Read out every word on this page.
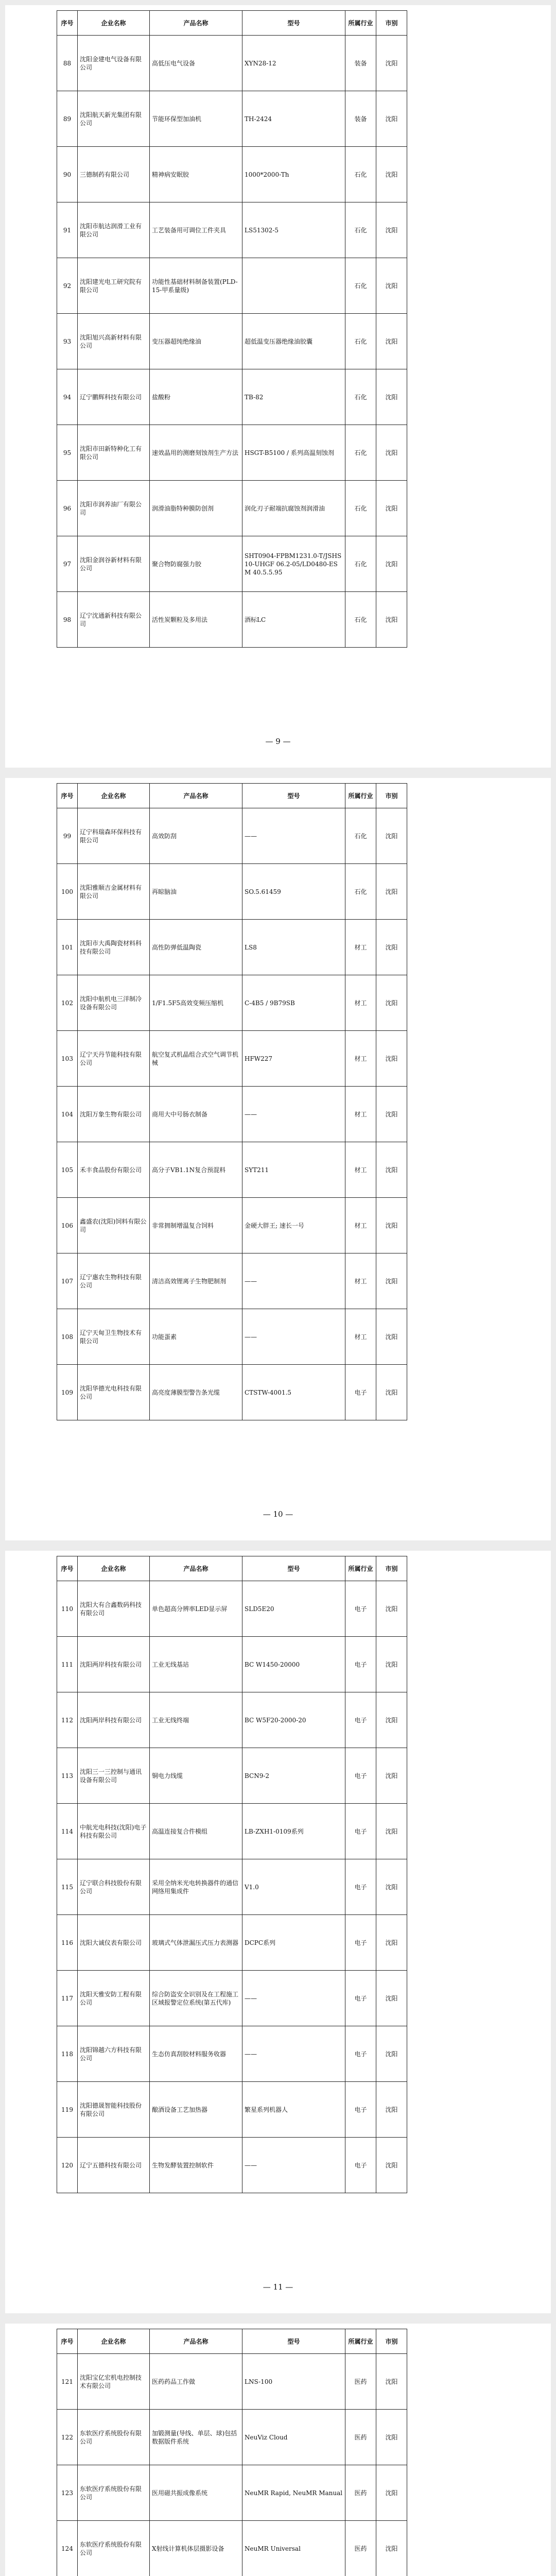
序号	企业名称	产品名称	型号	所属行业	市别
88	沈阳金建电气设备有限公司	高低压电气设备	XYN28-12	装备	沈阳
89	沈阳航天新光集团有限公司	节能环保型加油机	TH-2424	装备	沈阳
90	三德制药有限公司	精神病安眠胶	1000*2000-Th	石化	沈阳
91	沈阳市航达润滑工业有限公司	工艺装备用可调位工件夹具	LS51302-5	石化	沈阳
92	沈阳建光电工研究院有限公司	功能性基础材料制备装置(PLD-15-甲系量级)		石化	沈阳
93	沈阳旭兴高新材料有限公司	变压器超纯绝缘油	超低温变压器绝缘油胶囊	石化	沈阳
94	辽宁鹏辉科技有限公司	盐酸粉	TB-82	石化	沈阳
95	沈阳市田新特种化工有限公司	速效晶用的测磨刻蚀剂生产方法	HSGT-B5100 / 系列高温刻蚀剂	石化	沈阳
96	沈阳市润养油厂有限公司	润滑油脂特种膜防创剂	润化刃子耐端抗腐蚀剂润滑油	石化	沈阳
97	沈阳金润谷新材料有限公司	聚合物防腐强力胶	SHT0904-FPBM1231.0-T/JSHS10-UHGF 06.2-05/LD0480-ESM 40.5.5.95	石化	沈阳
98	辽宁沈通新科技有限公司	活性炭颗粒及多用法	酒标LC	石化	沈阳
— 9 —
序号	企业名称	产品名称	型号	所属行业	市别
99	辽宁科瑞森环保科技有限公司	高效防刮	——	石化	沈阳
100	沈阳雅顺吉金属材料有限公司	再晾脑油	SO.5.61459	石化	沈阳
101	沈阳市大禹陶瓷材料科技有限公司	高性防弹低温陶瓷	LS8	材工	沈阳
102	沈阳中航机电三洋制冷设备有限公司	1/F1.5F5高效变频压缩机	C-4B5 / 9B79SB	材工	沈阳
103	辽宁天丹节能科技有限公司	航空复式机晶组合式空气调节机械	HFW227	材工	沈阳
104	沈阳万象生物有限公司	商用大中号肠衣制备	——	材工	沈阳
105	禾丰食品股份有限公司	高分子VB1.1N复合预混料	SYT211	材工	沈阳
106	鑫盛农(沈阳)饲料有限公司	非常拥制增温复合饲料	金硬大胖王; 速长一号	材工	沈阳
107	辽宁惠农生物科技有限公司	清洁高效锂离子生物肥制剂	——	材工	沈阳
108	辽宁天甸卫生物技术有限公司	功能蛋素	——	材工	沈阳
109	沈阳华德光电科技有限公司	高亮度薄膜型警告条光缆	CTSTW-4001.5	电子	沈阳
— 10 —
序号	企业名称	产品名称	型号	所属行业	市别
110	沈阳大有合鑫数码科技有限公司	单色超高分辨率LED显示屏	SLD5E20	电子	沈阳
111	沈阳两岸科技有限公司	工业无线基站	BC W1450-20000	电子	沈阳
112	沈阳两岸科技有限公司	工业无线终端	BC W5F20-2000-20	电子	沈阳
113	沈阳三一三控制与通讯设备有限公司	铜电力线缆	BCN9-2	电子	沈阳
114	中航光电科技(沈阳)电子科技有限公司	高温连接复合件模组	LB-ZXH1-0109系列	电子	沈阳
115	辽宁联合科技股份有限公司	采用全纳米光电转换器件的通信网络用集成件	V1.0	电子	沈阳
116	沈阳大诚仪表有限公司	玻璃式气体泄漏压式压力表测器	DCPC系列	电子	沈阳
117	沈阳天雅安防工程有限公司	综合防盗安全识别及在工程施工区域报警定位系统(第五代库)	——	电子	沈阳
118	沈阳锦越六方科技有限公司	生态仿真刮胶材料服务收器	——	电子	沈阳
119	沈阳德晟智能科技股份有限公司	酿酒设备工艺加热器	繁星系列机器人	电子	沈阳
120	辽宁五德科技有限公司	生物发酵装置控制软件	——	电子	沈阳
— 11 —
序号	企业名称	产品名称	型号	所属行业	市别
121	沈阳宝亿宏机电控制技术有限公司	医药药品工作做	LNS-100	医药	沈阳
122	东软医疗系统股份有限公司	加锻测量(导线、单层、球)包括数据版件系统	NeuViz Cloud	医药	沈阳
123	东软医疗系统股份有限公司	医用磁共振成像系统	NeuMR Rapid, NeuMR Manual	医药	沈阳
124	东软医疗系统股份有限公司	X射线计算机体层摄影设备	NeuMR Universal	医药	沈阳
